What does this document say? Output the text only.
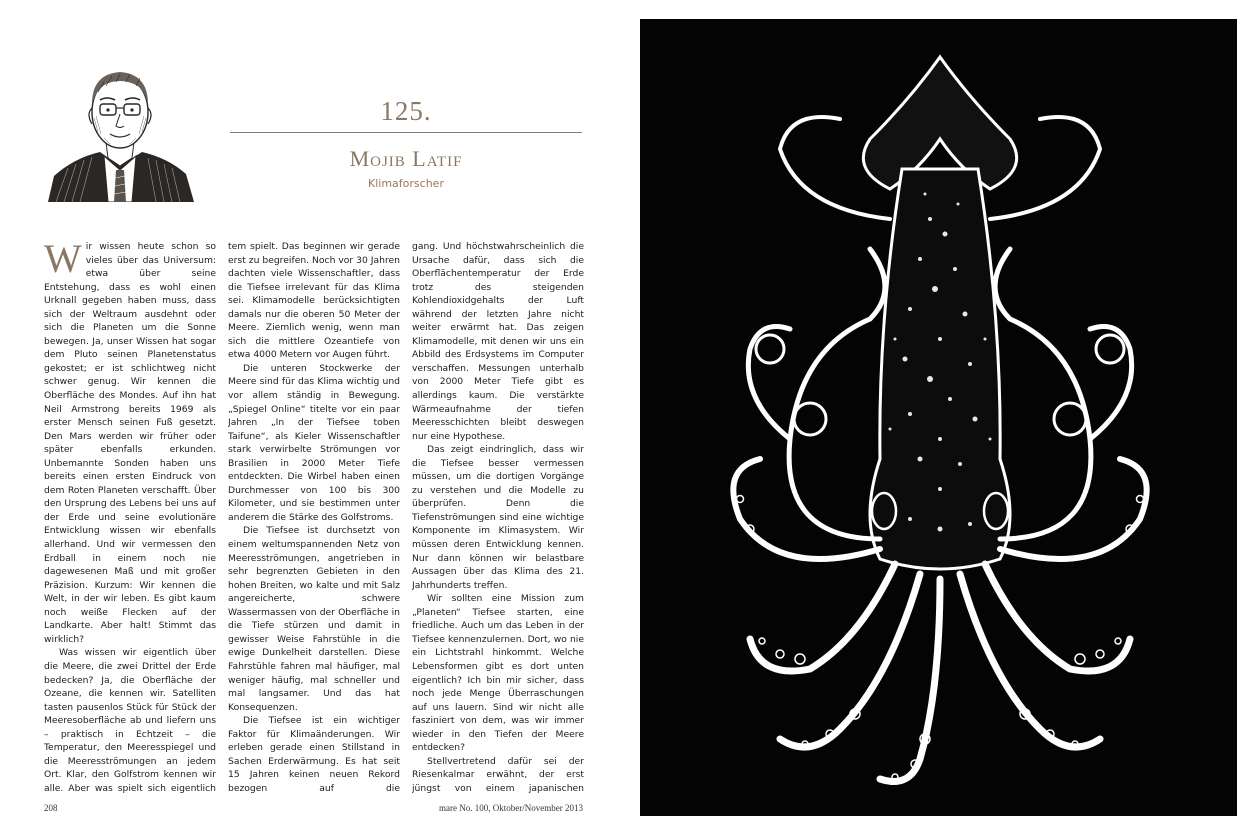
125.
Mojib Latif
Klimaforscher

Wir wissen heute schon so vieles über das Universum: etwa über seine Entstehung, dass es wohl einen Urknall gegeben haben muss, dass sich der Weltraum ausdehnt oder sich die Planeten um die Sonne bewegen. Ja, unser Wissen hat sogar dem Pluto seinen Planetenstatus gekostet; er ist schlichtweg nicht schwer genug. Wir kennen die Oberfläche des Mondes. Auf ihn hat Neil Armstrong bereits 1969 als erster Mensch seinen Fuß gesetzt. Den Mars werden wir früher oder später ebenfalls erkunden. Unbemannte Sonden haben uns bereits einen ersten Eindruck von dem Roten Planeten verschafft. Über den Ursprung des Lebens bei uns auf der Erde und seine evolutionäre Entwicklung wissen wir ebenfalls allerhand. Und wir vermessen den Erdball in einem noch nie dagewesenen Maß und mit großer Präzision. Kurzum: Wir kennen die Welt, in der wir leben. Es gibt kaum noch weiße Flecken auf der Landkarte. Aber halt! Stimmt das wirklich?

Was wissen wir eigentlich über die Meere, die zwei Drittel der Erde bedecken? Ja, die Oberfläche der Ozeane, die kennen wir. Satelliten tasten pausenlos Stück für Stück der Meeresoberfläche ab und liefern uns – praktisch in Echtzeit – die Temperatur, den Meeresspiegel und die Meeresströmungen an jedem Ort. Klar, den Golfstrom kennen wir alle. Aber was spielt sich eigentlich

tem spielt. Das beginnen wir gerade erst zu begreifen. Noch vor 30 Jahren dachten viele Wissenschaftler, dass die Tiefsee irrelevant für das Klima sei. Klimamodelle berücksichtigten damals nur die oberen 50 Meter der Meere. Ziemlich wenig, wenn man sich die mittlere Ozeantiefe von etwa 4000 Metern vor Augen führt.

Die unteren Stockwerke der Meere sind für das Klima wichtig und vor allem ständig in Bewegung. „Spiegel Online“ titelte vor ein paar Jahren „In der Tiefsee toben Taifune“, als Kieler Wissenschaftler stark verwirbelte Strömungen vor Brasilien in 2000 Meter Tiefe entdeckten. Die Wirbel haben einen Durchmesser von 100 bis 300 Kilometer, und sie bestimmen unter anderem die Stärke des Golfstroms.

Die Tiefsee ist durchsetzt von einem weltumspannenden Netz von Meeresströmungen, angetrieben in sehr begrenzten Gebieten in den hohen Breiten, wo kalte und mit Salz angereicherte, schwere Wassermassen von der Oberfläche in die Tiefe stürzen und damit in gewisser Weise Fahrstühle in die ewige Dunkelheit darstellen. Diese Fahrstühle fahren mal häufiger, mal weniger häufig, mal schneller und mal langsamer. Und das hat Konsequenzen.

Die Tiefsee ist ein wichtiger Faktor für Klimaänderungen. Wir erleben gerade einen Stillstand in Sachen Erderwärmung. Es hat seit 15 Jahren keinen neuen Rekord bezogen auf die

gang. Und höchstwahrscheinlich die Ursache dafür, dass sich die Oberflächentemperatur der Erde trotz des steigenden Kohlendioxidgehalts der Luft während der letzten Jahre nicht weiter erwärmt hat. Das zeigen Klimamodelle, mit denen wir uns ein Abbild des Erdsystems im Computer verschaffen. Messungen unterhalb von 2000 Meter Tiefe gibt es allerdings kaum. Die verstärkte Wärmeaufnahme der tiefen Meeresschichten bleibt deswegen nur eine Hypothese.

Das zeigt eindringlich, dass wir die Tiefsee besser vermessen müssen, um die dortigen Vorgänge zu verstehen und die Modelle zu überprüfen. Denn die Tiefenströmungen sind eine wichtige Komponente im Klimasystem. Wir müssen deren Entwicklung kennen. Nur dann können wir belastbare Aussagen über das Klima des 21. Jahrhunderts treffen.

Wir sollten eine Mission zum „Planeten“ Tiefsee starten, eine friedliche. Auch um das Leben in der Tiefsee kennenzulernen. Dort, wo nie ein Lichtstrahl hinkommt. Welche Lebensformen gibt es dort unten eigentlich? Ich bin mir sicher, dass noch jede Menge Überraschungen auf uns lauern. Sind wir nicht alle fasziniert von dem, was wir immer wieder in den Tiefen der Meere entdecken?

Stellvertretend dafür sei der Riesenkalmar erwähnt, der erst jüngst von einem japanischen

208	mare No. 100, Oktober/November 2013
